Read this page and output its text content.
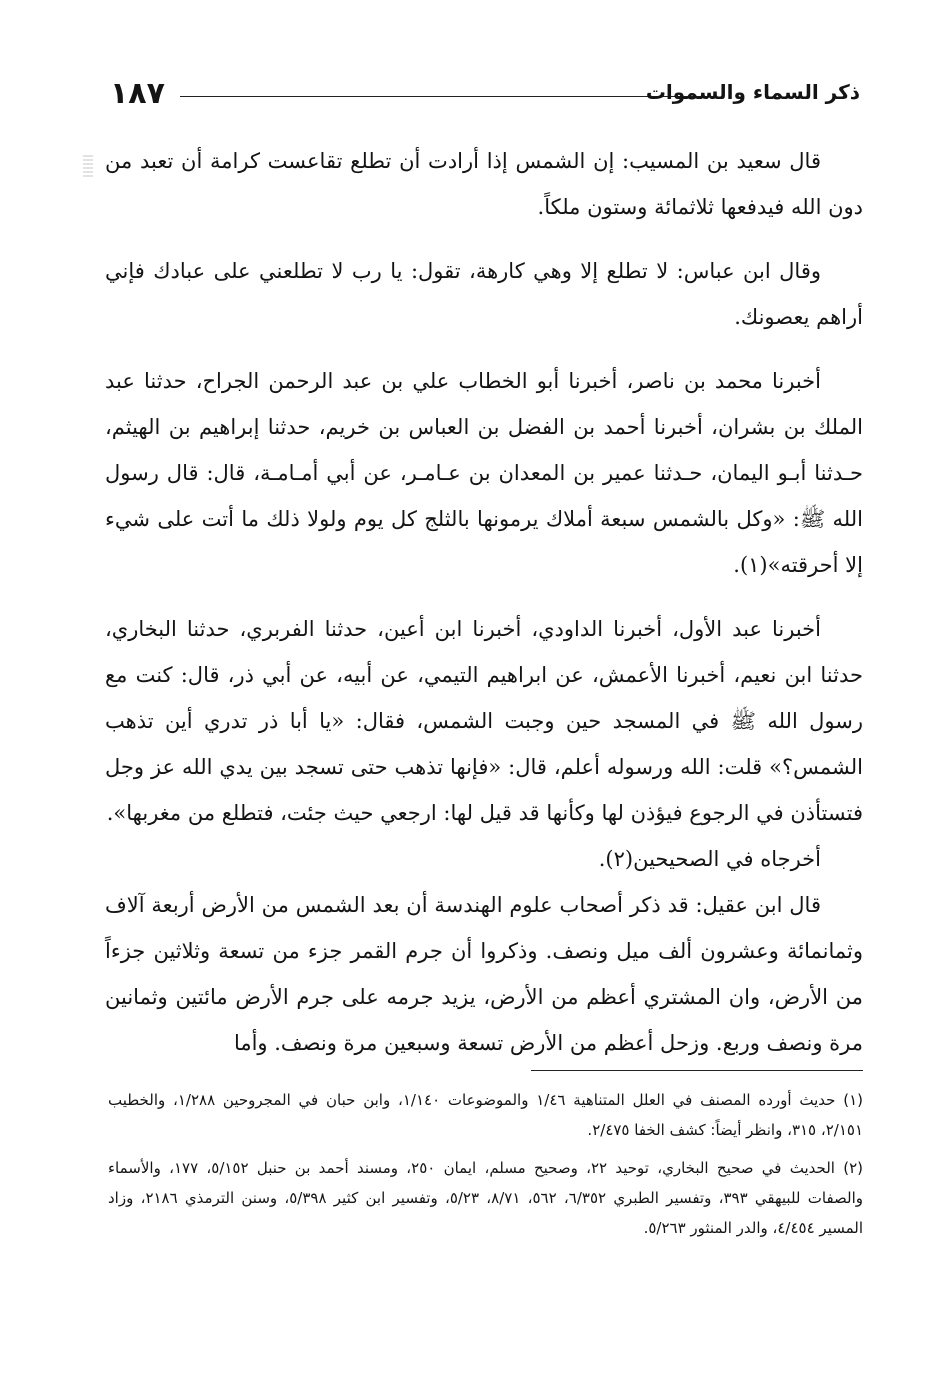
١٨٧	ذكر السماء والسموات

قال سعيد بن المسيب: إن الشمس إذا أرادت أن تطلع تقاعست كرامة أن تعبد من دون الله فيدفعها ثلاثمائة وستون ملكاً.

وقال ابن عباس: لا تطلع إلا وهي كارهة، تقول: يا رب لا تطلعني على عبادك فإني أراهم يعصونك.

أخبرنا محمد بن ناصر، أخبرنا أبو الخطاب علي بن عبد الرحمن الجراح، حدثنا عبد الملك بن بشران، أخبرنا أحمد بن الفضل بن العباس بن خريم، حدثنا إبراهيم بن الهيثم، حـدثنا أبـو اليمان، حـدثنا عمير بن المعدان بن عـامـر، عن أبي أمـامـة، قال: قال رسول الله ﷺ: «وكل بالشمس سبعة أملاك يرمونها بالثلج كل يوم ولولا ذلك ما أتت على شيء إلا أحرقته»(١).

أخبرنا عبد الأول، أخبرنا الداودي، أخبرنا ابن أعين، حدثنا الفربري، حدثنا البخاري، حدثنا ابن نعيم، أخبرنا الأعمش، عن ابراهيم التيمي، عن أبيه، عن أبي ذر، قال: كنت مع رسول الله ﷺ في المسجد حين وجبت الشمس، فقال: «يا أبا ذر تدري أين تذهب الشمس؟» قلت: الله ورسوله أعلم، قال: «فإنها تذهب حتى تسجد بين يدي الله عز وجل فتستأذن في الرجوع فيؤذن لها وكأنها قد قيل لها: ارجعي حيث جئت، فتطلع من مغربها».

أخرجاه في الصحيحين(٢).

قال ابن عقيل: قد ذكر أصحاب علوم الهندسة أن بعد الشمس من الأرض أربعة آلاف وثمانمائة وعشرون ألف ميل ونصف. وذكروا أن جرم القمر جزء من تسعة وثلاثين جزءاً من الأرض، وان المشتري أعظم من الأرض، يزيد جرمه على جرم الأرض مائتين وثمانين مرة ونصف وربع. وزحل أعظم من الأرض تسعة وسبعين مرة ونصف. وأما

(١) حديث أورده المصنف في العلل المتناهية ١/٤٦ والموضوعات ١/١٤٠، وابن حبان في المجروحين ١/٢٨٨، والخطيب ٢/١٥١، ٣١٥، وانظر أيضاً: كشف الخفا ٢/٤٧٥.

(٢) الحديث في صحيح البخاري، توحيد ٢٢، وصحيح مسلم، ايمان ٢٥٠، ومسند أحمد بن حنبل ٥/١٥٢، ١٧٧، والأسماء والصفات للبيهقي ٣٩٣، وتفسير الطبري ٦/٣٥٢، ٥٦٢، ٨/٧١، ٥/٢٣، وتفسير ابن كثير ٥/٣٩٨، وسنن الترمذي ٢١٨٦، وزاد المسير ٤/٤٥٤، والدر المنثور ٥/٢٦٣.
